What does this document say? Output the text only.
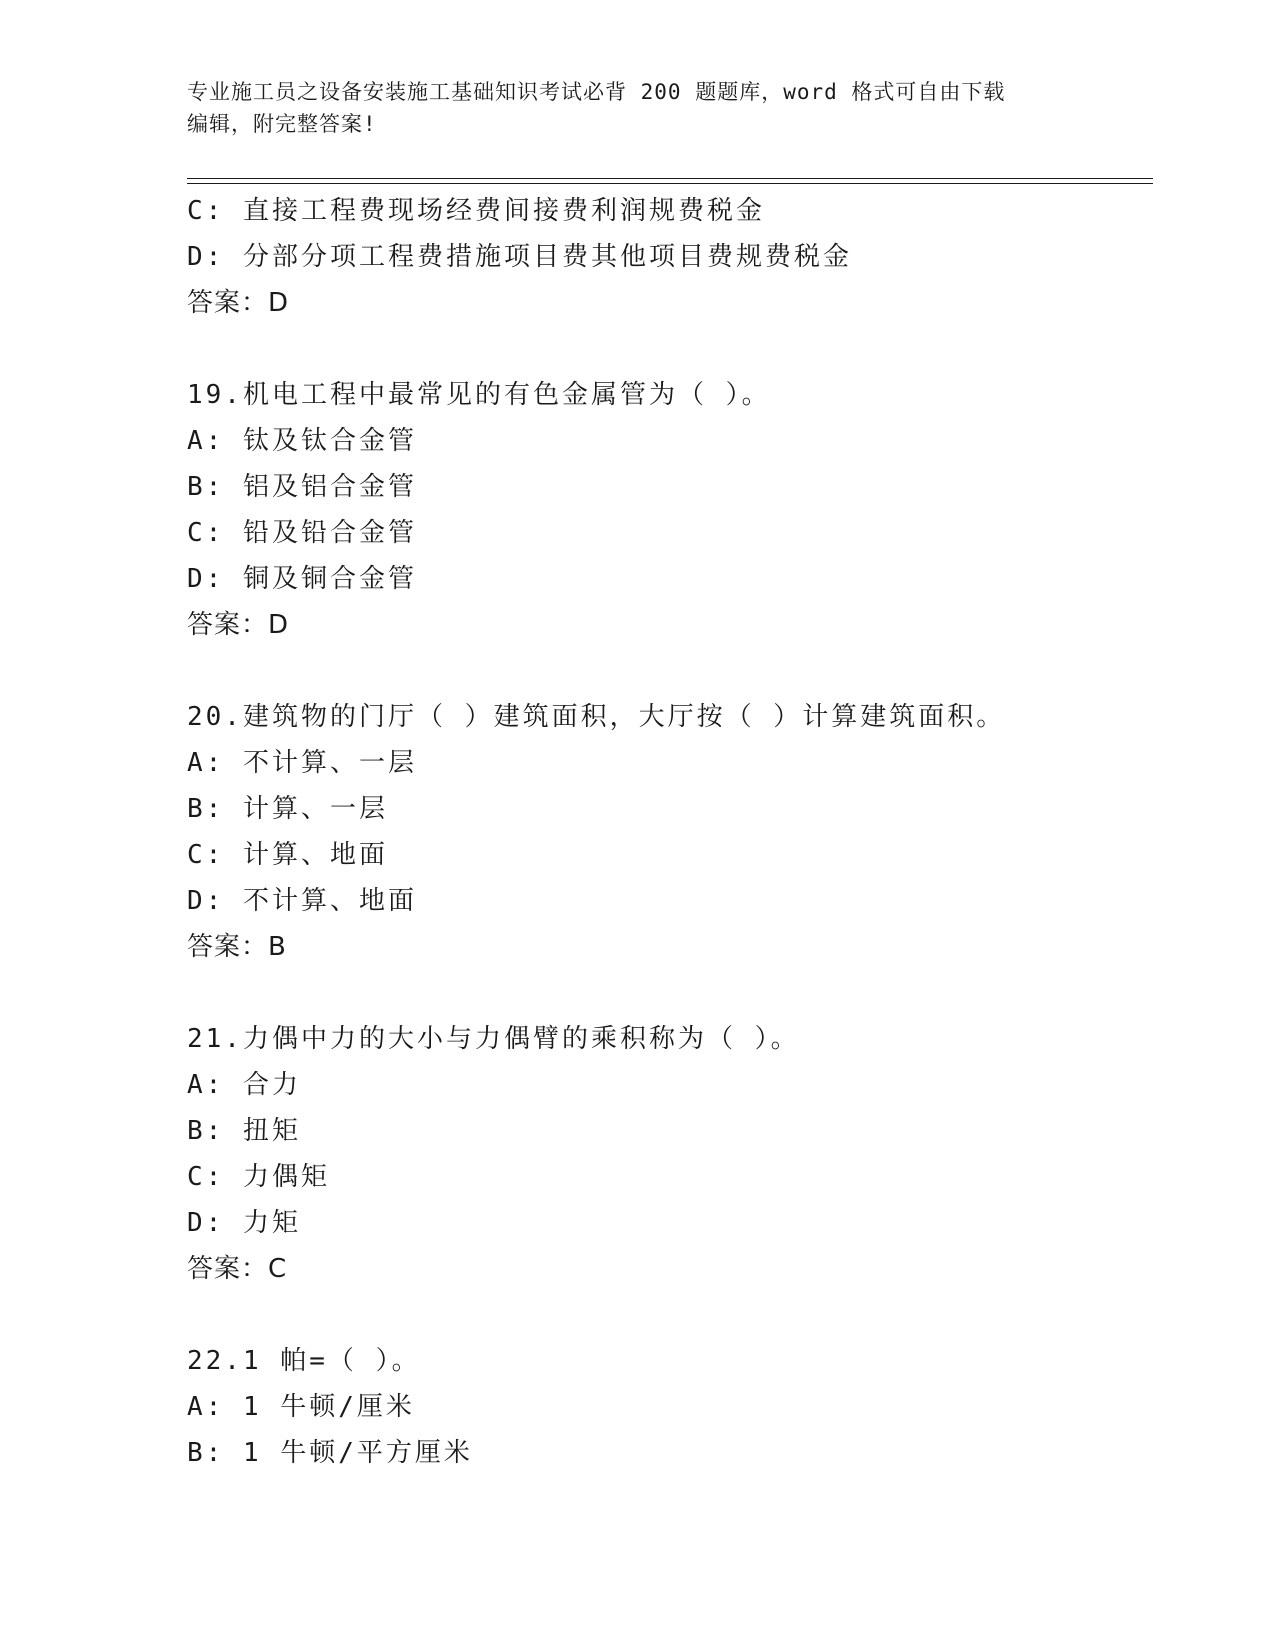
专业施工员之设备安装施工基础知识考试必背 200 题题库，word 格式可自由下载
编辑，附完整答案!
C: 直接工程费现场经费间接费利润规费税金
D: 分部分项工程费措施项目费其他项目费规费税金
答案：D
19.机电工程中最常见的有色金属管为（ ）。
A: 钛及钛合金管
B: 铝及铝合金管
C: 铅及铅合金管
D: 铜及铜合金管
答案：D
20.建筑物的门厅（ ）建筑面积，大厅按（ ）计算建筑面积。
A: 不计算、一层
B: 计算、一层
C: 计算、地面
D: 不计算、地面
答案：B
21.力偶中力的大小与力偶臂的乘积称为（ ）。
A: 合力
B: 扭矩
C: 力偶矩
D: 力矩
答案：C
22.1 帕=（ ）。
A: 1 牛顿/厘米
B: 1 牛顿/平方厘米
